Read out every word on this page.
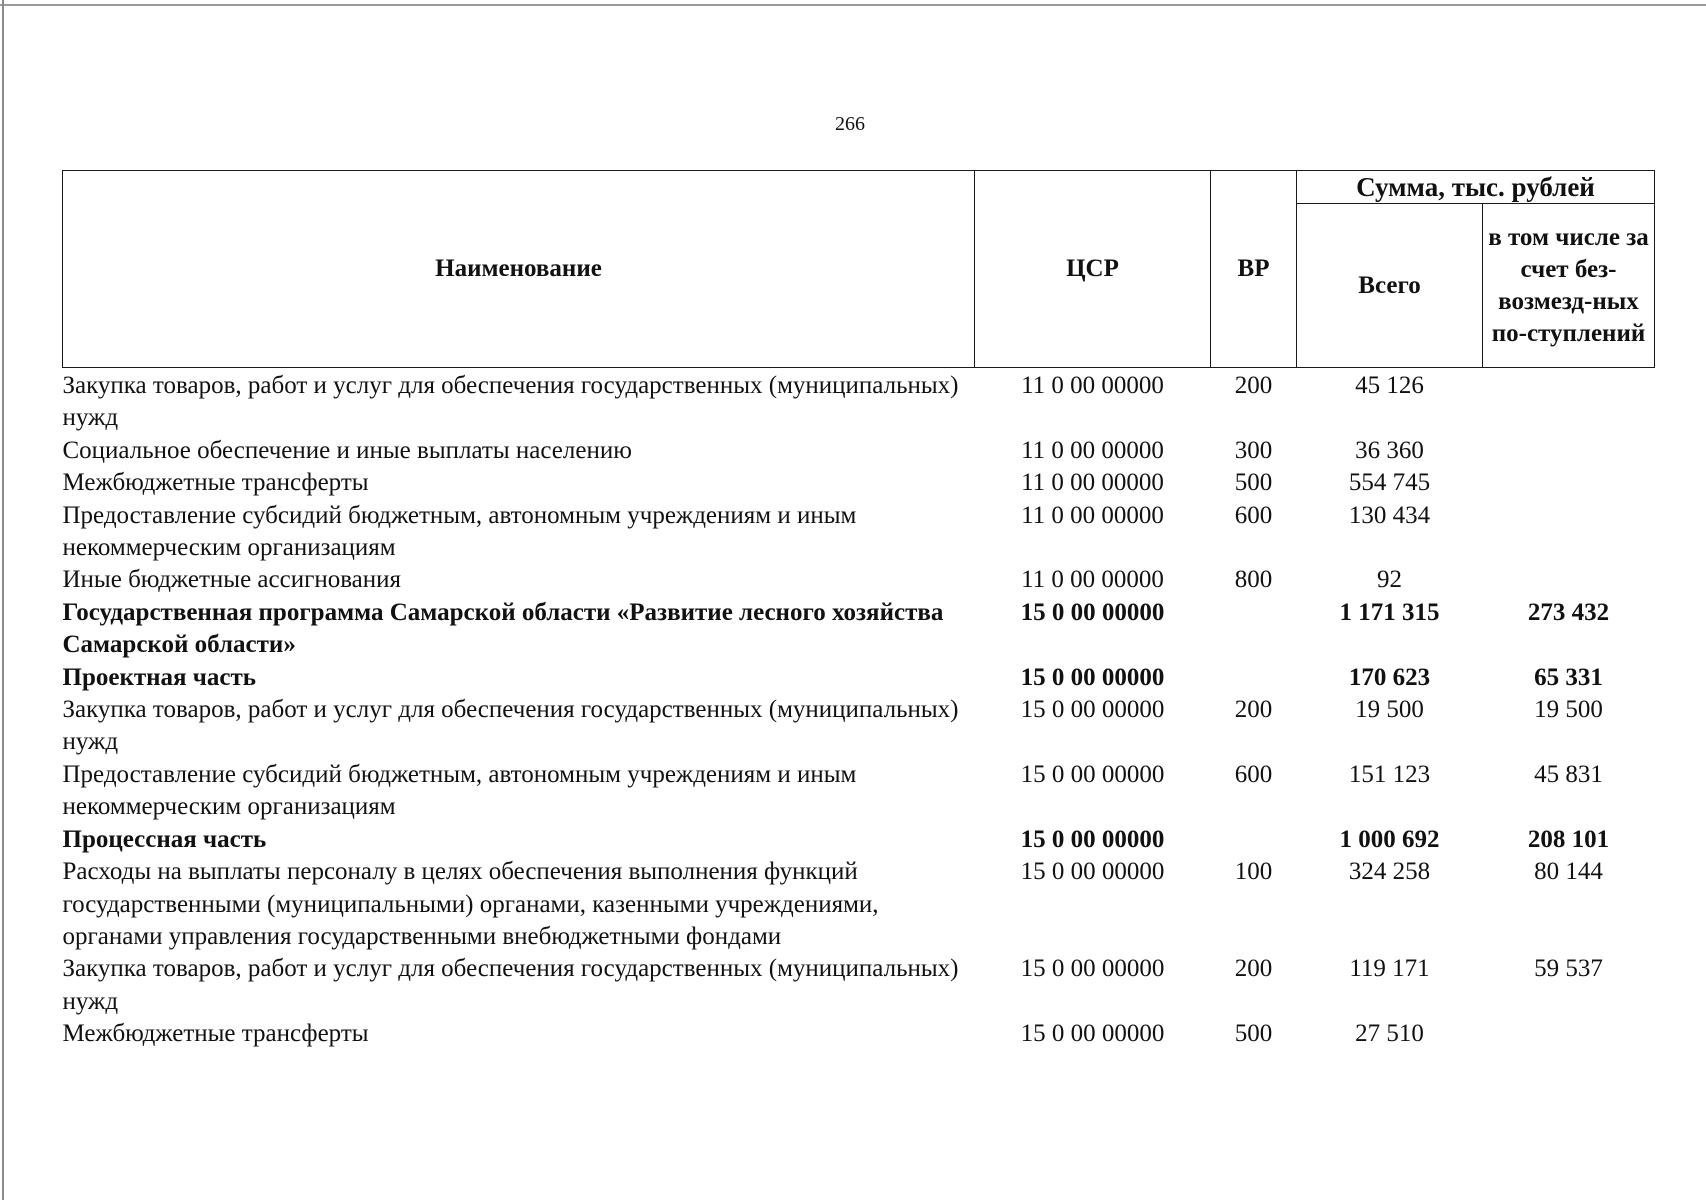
266
Наименование	ЦСР	ВР	Сумма, тыс. рублей	
			Всего	в том числе за счет без-возмезд-ных по-ступлений
Закупка товаров, работ и услуг для обеспечения государственных (муниципальных) нужд	11 0 00 00000	200	45 126	
Социальное обеспечение и иные выплаты населению	11 0 00 00000	300	36 360	
Межбюджетные трансферты	11 0 00 00000	500	554 745	
Предоставление субсидий бюджетным, автономным учреждениям и иным некоммерческим организациям	11 0 00 00000	600	130 434	
Иные бюджетные ассигнования	11 0 00 00000	800	92	
Государственная программа Самарской области «Развитие лесного хозяйства Самарской области»	15 0 00 00000		1 171 315	273 432
Проектная часть	15 0 00 00000		170 623	65 331
Закупка товаров, работ и услуг для обеспечения государственных (муниципальных) нужд	15 0 00 00000	200	19 500	19 500
Предоставление субсидий бюджетным, автономным учреждениям и иным некоммерческим организациям	15 0 00 00000	600	151 123	45 831
Процессная часть	15 0 00 00000		1 000 692	208 101
Расходы на выплаты персоналу в целях обеспечения выполнения функций государственными (муниципальными) органами, казенными учреждениями, органами управления государственными внебюджетными фондами	15 0 00 00000	100	324 258	80 144
Закупка товаров, работ и услуг для обеспечения государственных (муниципальных) нужд	15 0 00 00000	200	119 171	59 537
Межбюджетные трансферты	15 0 00 00000	500	27 510	
